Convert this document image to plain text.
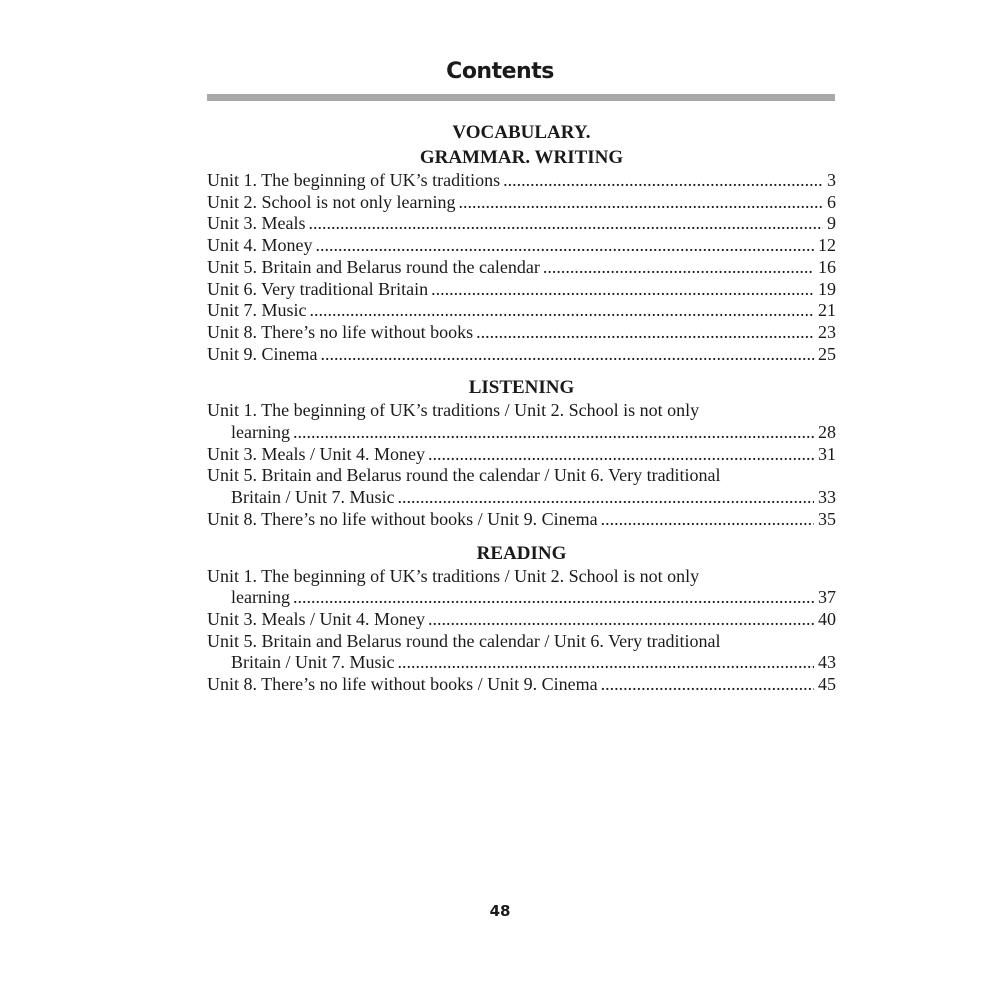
Contents
VOCABULARY.
GRAMMAR. WRITING
Unit 1. The beginning of UK’s traditions .....	3
Unit 2. School is not only learning .....	6
Unit 3. Meals .....	9
Unit 4. Money .....	12
Unit 5. Britain and Belarus round the calendar .....	16
Unit 6. Very traditional Britain .....	19
Unit 7. Music .....	21
Unit 8. There’s no life without books .....	23
Unit 9. Cinema .....	25
LISTENING
Unit 1. The beginning of UK’s traditions / Unit 2. School is not only
learning .....	28
Unit 3. Meals / Unit 4. Money .....	31
Unit 5. Britain and Belarus round the calendar / Unit 6. Very traditional
Britain / Unit 7. Music .....	33
Unit 8. There’s no life without books / Unit 9. Cinema .....	35
READING
Unit 1. The beginning of UK’s traditions / Unit 2. School is not only
learning .....	37
Unit 3. Meals / Unit 4. Money .....	40
Unit 5. Britain and Belarus round the calendar / Unit 6. Very traditional
Britain / Unit 7. Music .....	43
Unit 8. There’s no life without books / Unit 9. Cinema .....	45
48
